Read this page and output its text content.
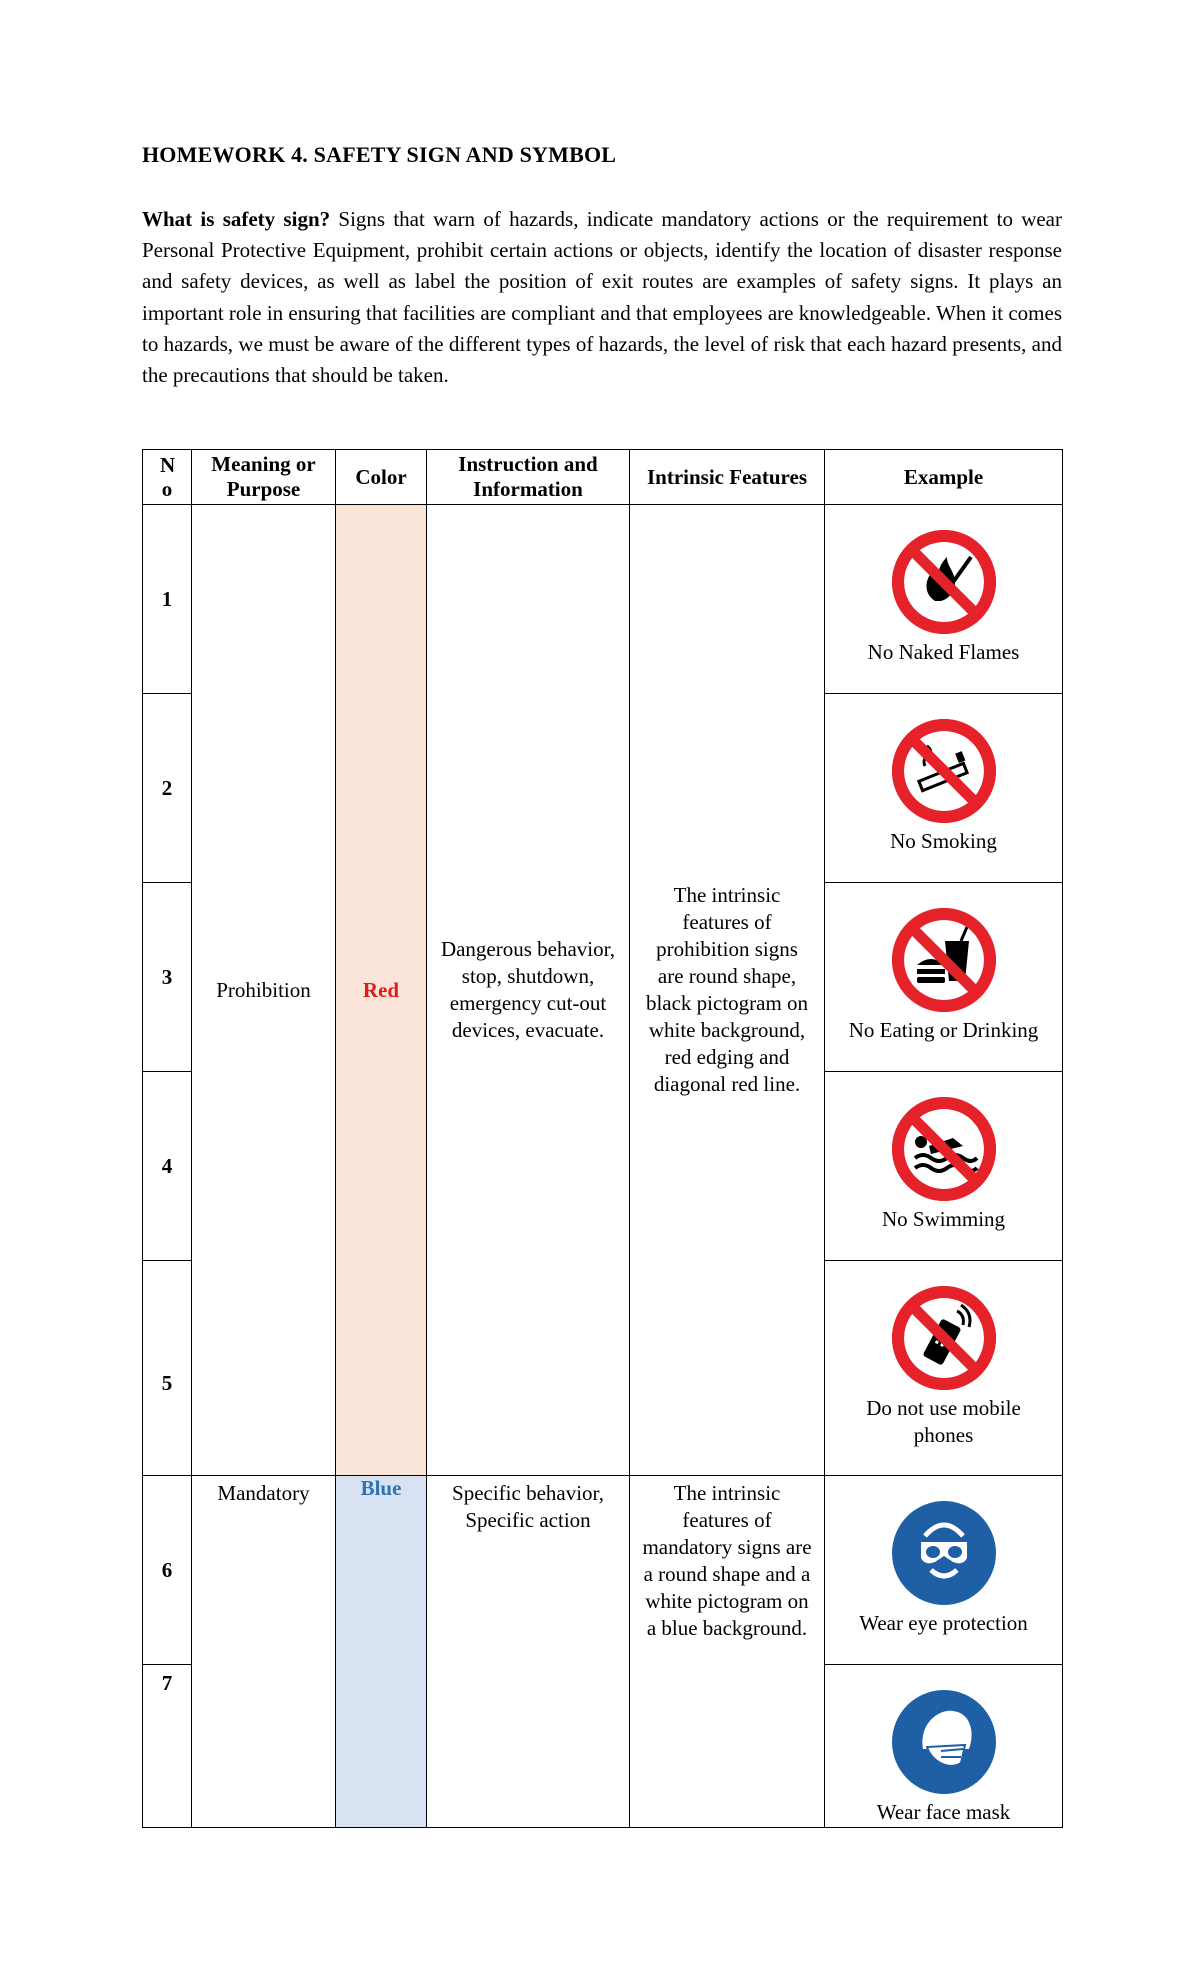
HOMEWORK 4. SAFETY SIGN AND SYMBOL
What is safety sign? Signs that warn of hazards, indicate mandatory actions or the requirement to wear Personal Protective Equipment, prohibit certain actions or objects, identify the location of disaster response and safety devices, as well as label the position of exit routes are examples of safety signs. It plays an important role in ensuring that facilities are compliant and that employees are knowledgeable. When it comes to hazards, we must be aware of the different types of hazards, the level of risk that each hazard presents, and the precautions that should be taken.
N o	Meaning or Purpose	Color	Instruction and Information	Intrinsic Features	Example
1	Prohibition	Red	Dangerous behavior, stop, shutdown, emergency cut-out devices, evacuate.	The intrinsic features of prohibition signs are round shape, black pictogram on white background, red edging and diagonal red line.	No Naked Flames

2					No Smoking

3					No Eating or Drinking

4					No Swimming

5					Do not use mobile phones

6	Mandatory	Blue	Specific behavior, Specific action	The intrinsic features of mandatory signs are a round shape and a white pictogram on a blue background.	Wear eye protection

7					Wear face mask
